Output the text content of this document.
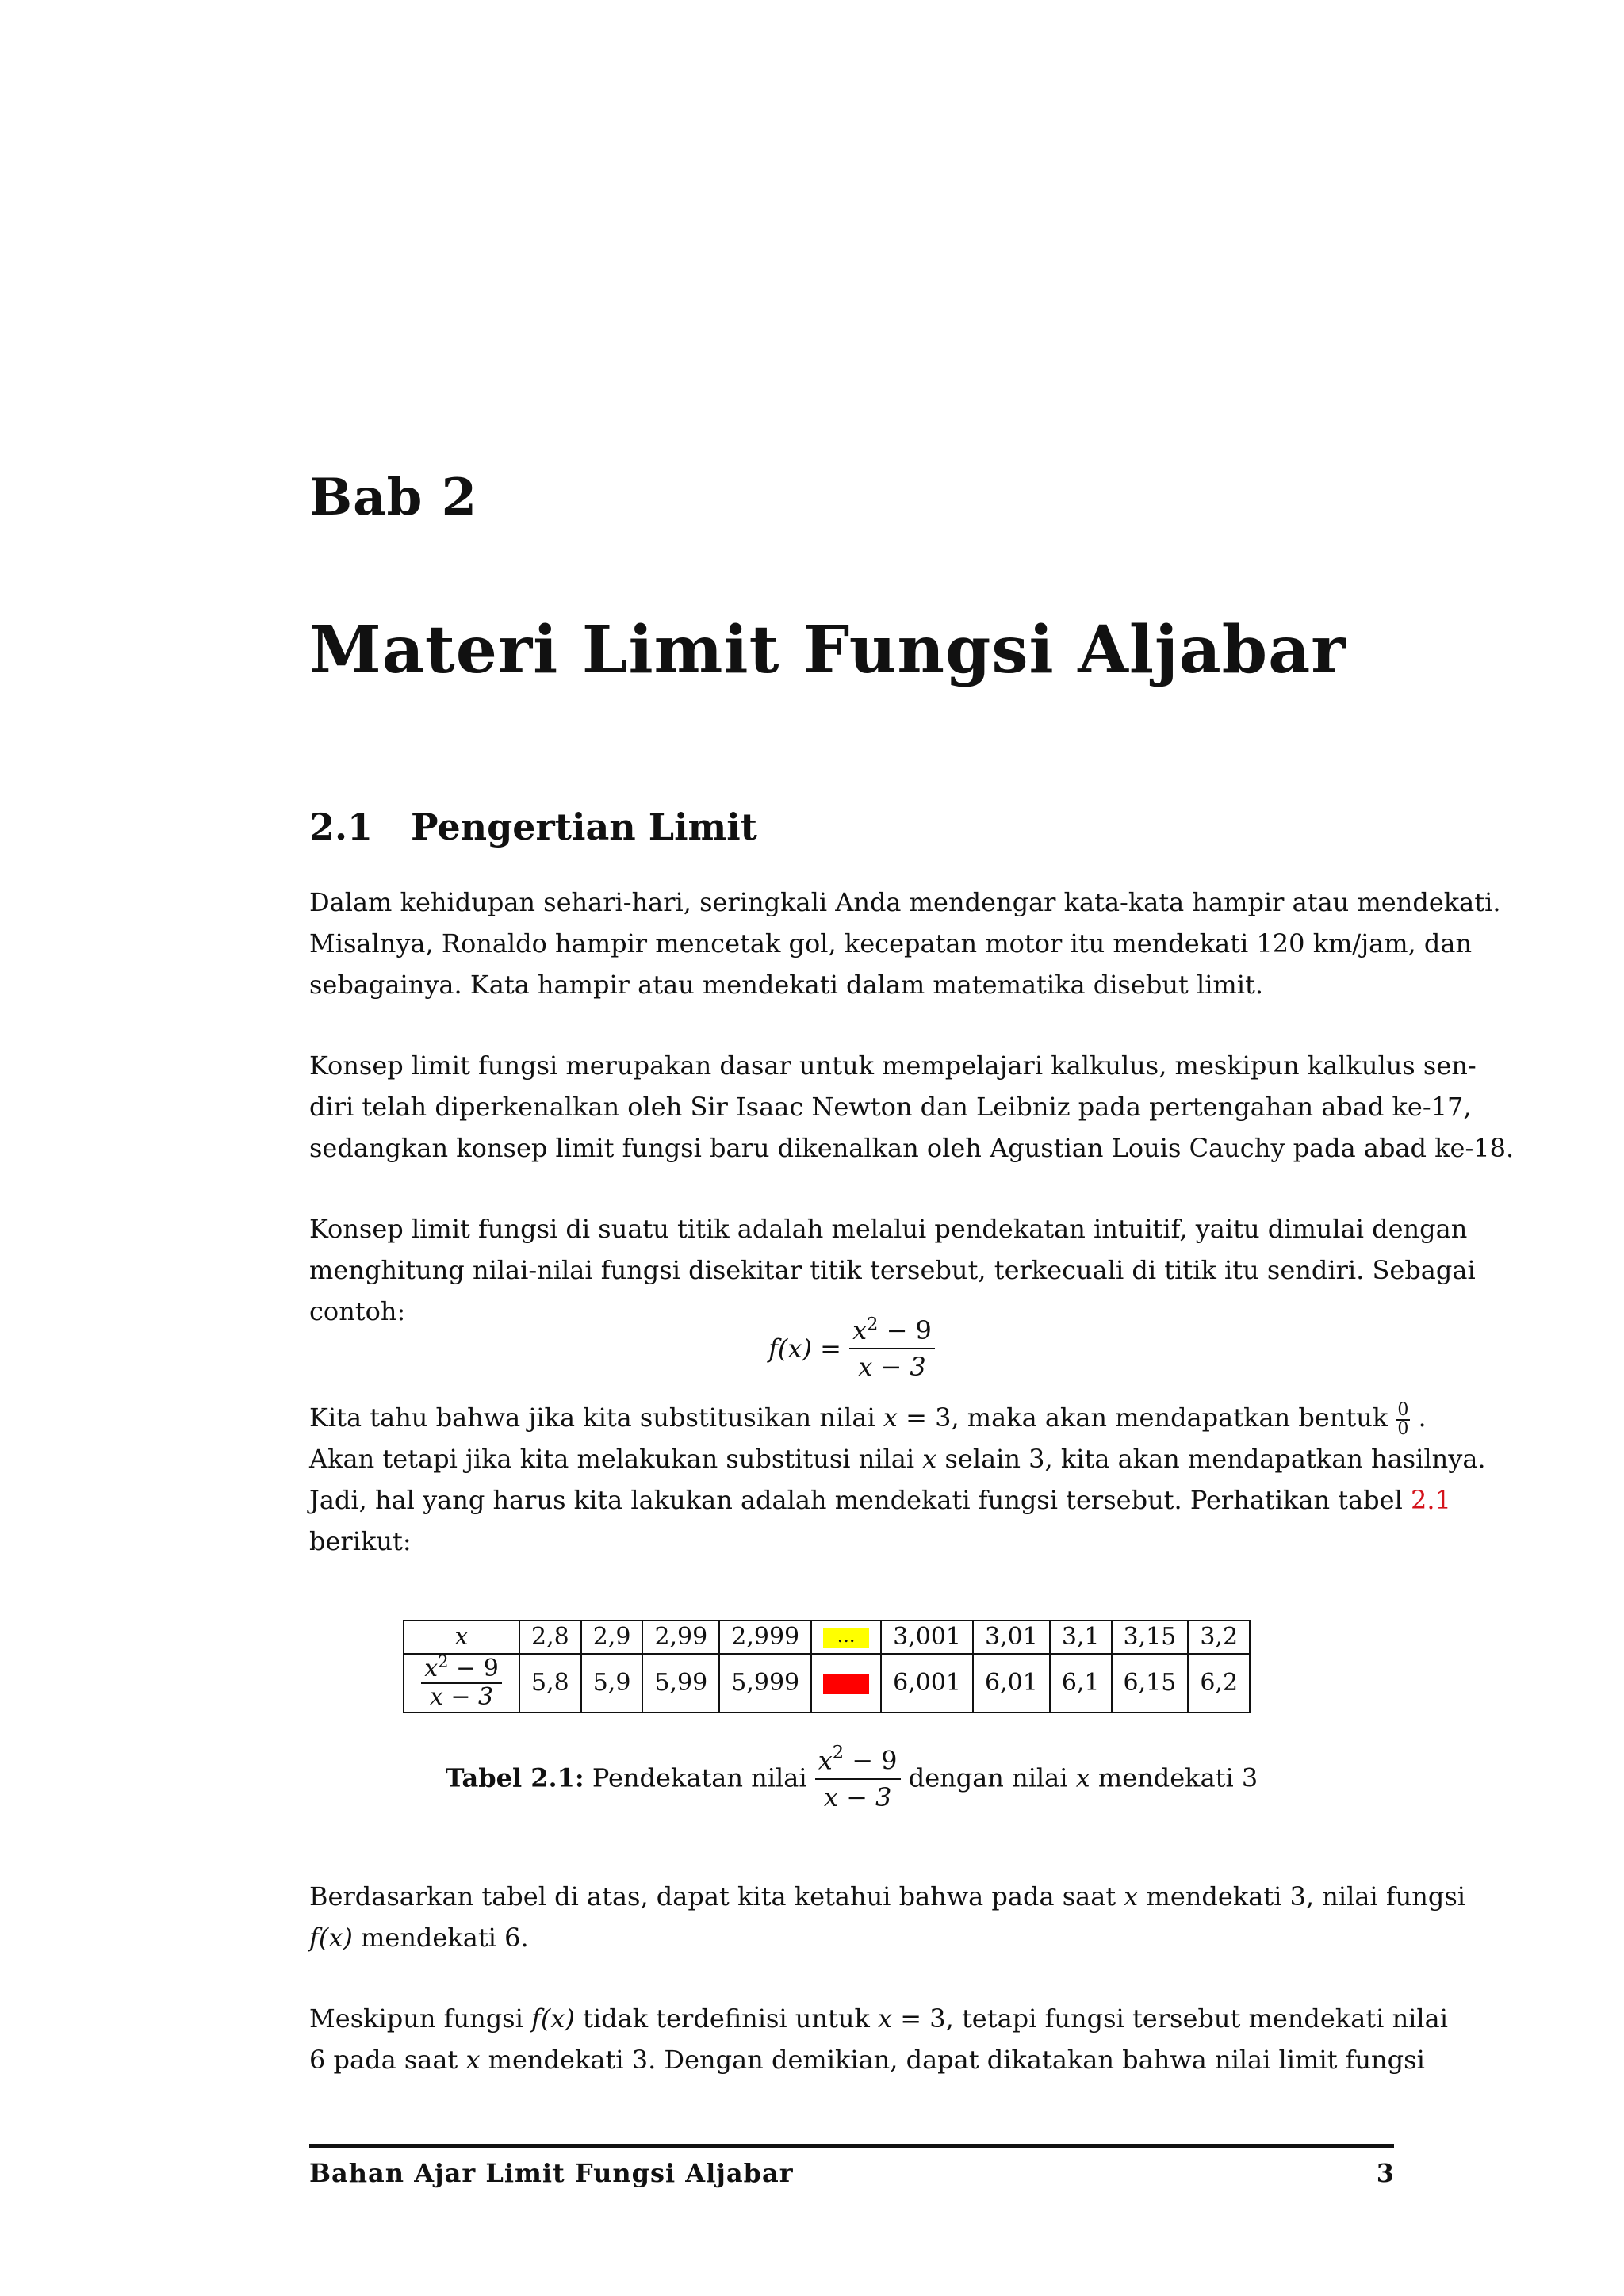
Bab 2
Materi Limit Fungsi Aljabar
2.1 Pengertian Limit
Dalam kehidupan sehari-hari, seringkali Anda mendengar kata-kata hampir atau mendekati.
Misalnya, Ronaldo hampir mencetak gol, kecepatan motor itu mendekati 120 km/jam, dan
sebagainya. Kata hampir atau mendekati dalam matematika disebut limit.
Konsep limit fungsi merupakan dasar untuk mempelajari kalkulus, meskipun kalkulus sen-
diri telah diperkenalkan oleh Sir Isaac Newton dan Leibniz pada pertengahan abad ke-17,
sedangkan konsep limit fungsi baru dikenalkan oleh Agustian Louis Cauchy pada abad ke-18.
Konsep limit fungsi di suatu titik adalah melalui pendekatan intuitif, yaitu dimulai dengan
menghitung nilai-nilai fungsi disekitar titik tersebut, terkecuali di titik itu sendiri. Sebagai
contoh:
$f(x) = \frac{x^2 - 9}{x - 3}$
Kita tahu bahwa jika kita substitusikan nilai x = 3, maka akan mendapatkan bentuk $\frac{0}{0}$ .
Akan tetapi jika kita melakukan substitusi nilai x selain 3, kita akan mendapatkan hasilnya.
Jadi, hal yang harus kita lakukan adalah mendekati fungsi tersebut. Perhatikan tabel 2.1
berikut:
x	2,8	2,9	2,99	2,999	...	3,001	3,01	3,1	3,15	3,2

$\frac{x^2 - 9}{x - 3}$	5,8	5,9	5,99	5,999	...	6,001	6,01	6,1	6,15	6,2
Tabel 2.1: Pendekatan nilai $\frac{x^2 - 9}{x - 3}$ dengan nilai x mendekati 3
Berdasarkan tabel di atas, dapat kita ketahui bahwa pada saat x mendekati 3, nilai fungsi
f(x) mendekati 6.
Meskipun fungsi f(x) tidak terdefinisi untuk x = 3, tetapi fungsi tersebut mendekati nilai
6 pada saat x mendekati 3. Dengan demikian, dapat dikatakan bahwa nilai limit fungsi
Bahan Ajar Limit Fungsi Aljabar	3
